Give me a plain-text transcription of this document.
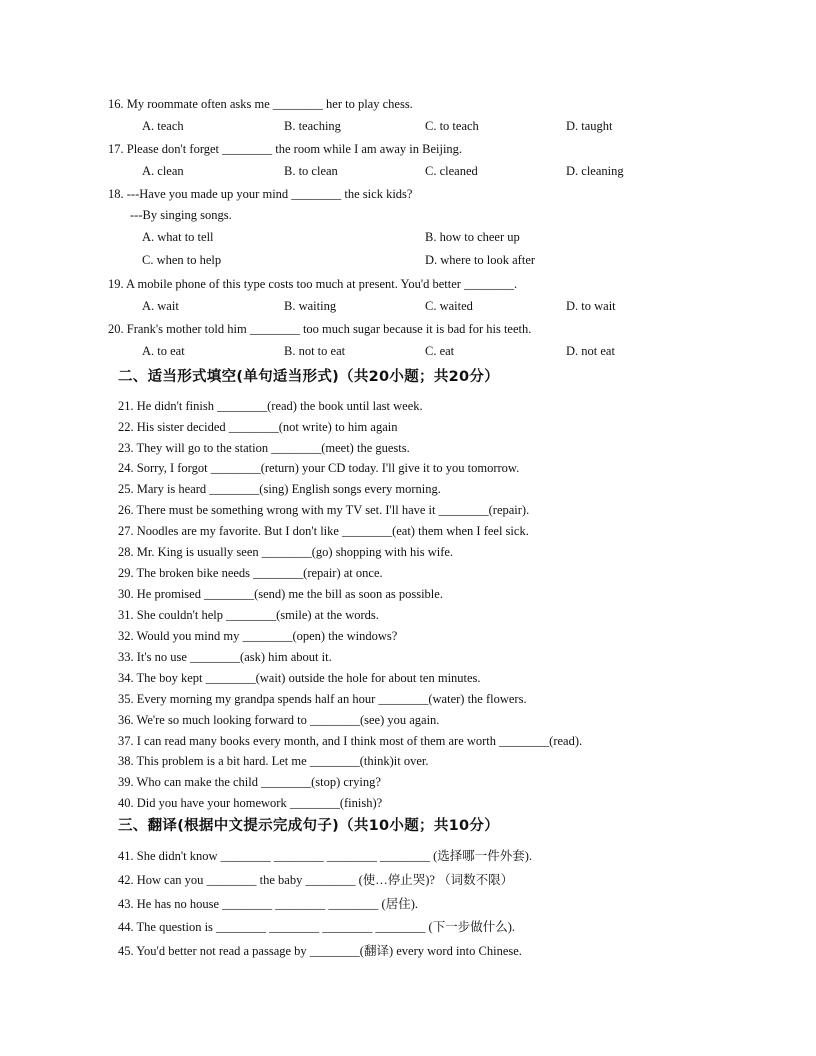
16. My roommate often asks me ________ her to play chess.
A. teach	B. teaching	C. to teach	D. taught
17. Please don't forget ________ the room while I am away in Beijing.
A. clean	B. to clean	C. cleaned	D. cleaning
18. ---Have you made up your mind ________ the sick kids?
---By singing songs.
A. what to tell	B. how to cheer up
C. when to help	D. where to look after
19. A mobile phone of this type costs too much at present. You'd better ________.
A. wait	B. waiting	C. waited	D. to wait
20. Frank's mother told him ________ too much sugar because it is bad for his teeth.
A. to eat	B. not to eat	C. eat	D. not eat
二、适当形式填空(单句适当形式)（共20小题；共20分）
21. He didn't finish ________(read) the book until last week.
22. His sister decided ________(not write) to him again
23. They will go to the station ________(meet) the guests.
24. Sorry, I forgot ________(return) your CD today. I'll give it to you tomorrow.
25. Mary is heard ________(sing) English songs every morning.
26. There must be something wrong with my TV set. I'll have it ________(repair).
27. Noodles are my favorite. But I don't like ________(eat) them when I feel sick.
28. Mr. King is usually seen ________(go) shopping with his wife.
29. The broken bike needs ________(repair) at once.
30. He promised ________(send) me the bill as soon as possible.
31. She couldn't help ________(smile) at the words.
32. Would you mind my ________(open) the windows?
33. It's no use ________(ask) him about it.
34. The boy kept ________(wait) outside the hole for about ten minutes.
35. Every morning my grandpa spends half an hour ________(water) the flowers.
36. We're so much looking forward to ________(see) you again.
37. I can read many books every month, and I think most of them are worth ________(read).
38. This problem is a bit hard. Let me ________(think)it over.
39. Who can make the child ________(stop) crying?
40. Did you have your homework ________(finish)?
三、翻译(根据中文提示完成句子)（共10小题；共10分）
41. She didn't know ________ ________ ________ ________ (选择哪一件外套).
42. How can you ________ the baby ________ (使…停止哭)? （词数不限）
43. He has no house ________ ________ ________ (居住).
44. The question is ________ ________ ________ ________ (下一步做什么).
45. You'd better not read a passage by ________(翻译) every word into Chinese.
